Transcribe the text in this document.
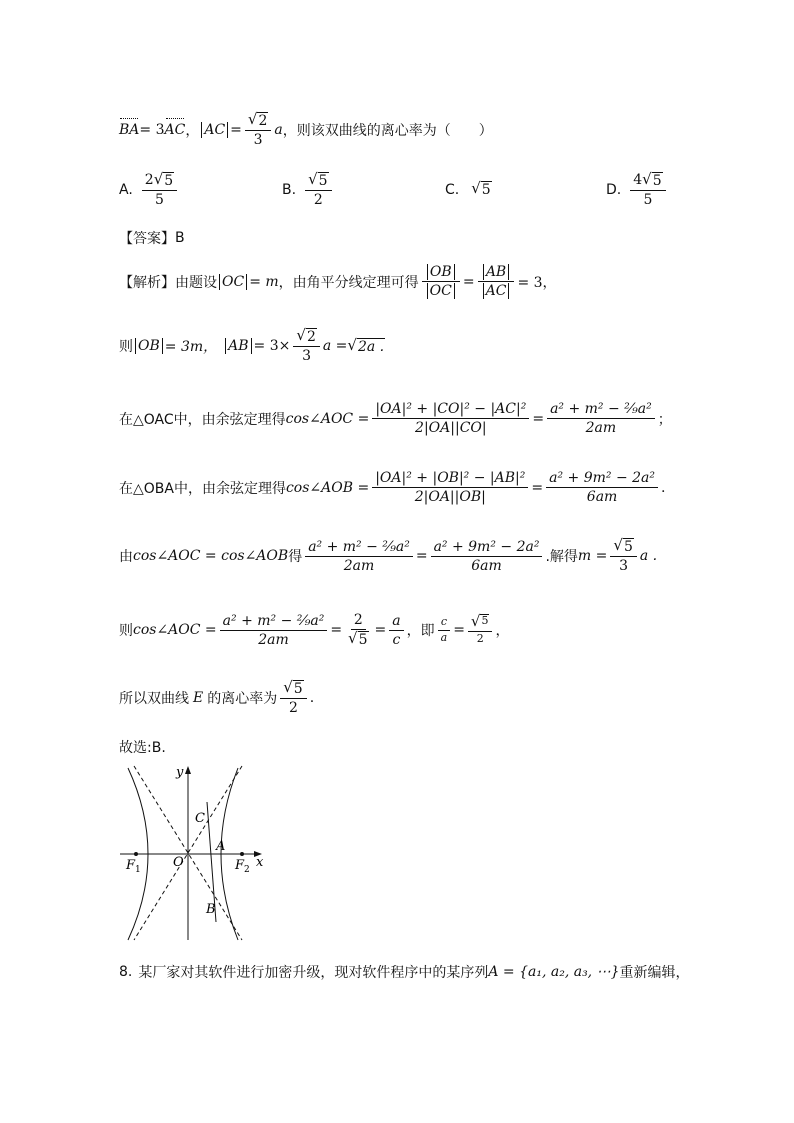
BA = 3 AC ， AC = $\frac{√ 2}{3}$ a ，则该双曲线的离心率为（　　）
A. $\frac{2 √ 5}{5}$	B. $\frac{√ 5}{2}$	C. √ 5	D. $\frac{4 √ 5}{5}$
【答案】 B
【解析】 由题设 OC = m ，由角平分线定理可得 $\frac{OB}{OC} = \frac{AB}{AC} = 3$，
则 OB = 3m， AB = $3\times \frac{√ 2}{3}$ a = √ 2a .
在△OAC中，由余弦定理得 cos∠AOC = $\frac{\text{|OA|² + |CO|² − |AC|²}}{2|OA||CO|} = \frac{\text{a² + m² − ²⁄₉a²}}{2am}$ ；
在△OBA中，由余弦定理得 cos∠AOB = $\frac{\text{|OA|² + |OB|² − |AB|²}}{2|OA||OB|} = \frac{\text{a² + 9m² − 2a²}}{6am}$ .
由 cos∠AOC = cos∠AOB 得 $\frac{\text{a² + m² − ²⁄₉a²}}{2am} = \frac{\text{a² + 9m² − 2a²}}{6am}$ .解得 $m = \frac{√ 5}{3}$ a .
则 cos∠AOC = $\frac{\text{a² + m² − ²⁄₉a²}}{2am} = \frac{2}{√ 5} = \frac{a}{c}$ ，即 $\frac{c}{a} = \frac{√ 5}{2}$ ，
所以双曲线 E 的离心率为 $\frac{√ 5}{2}$ .
故选:B.
y
x
O
C
A
B
$F_1$	$F_2$
8. 某厂家对其软件进行加密升级，现对软件程序中的某序列 A = {a₁, a₂, a₃, ⋯} 重新编辑，
